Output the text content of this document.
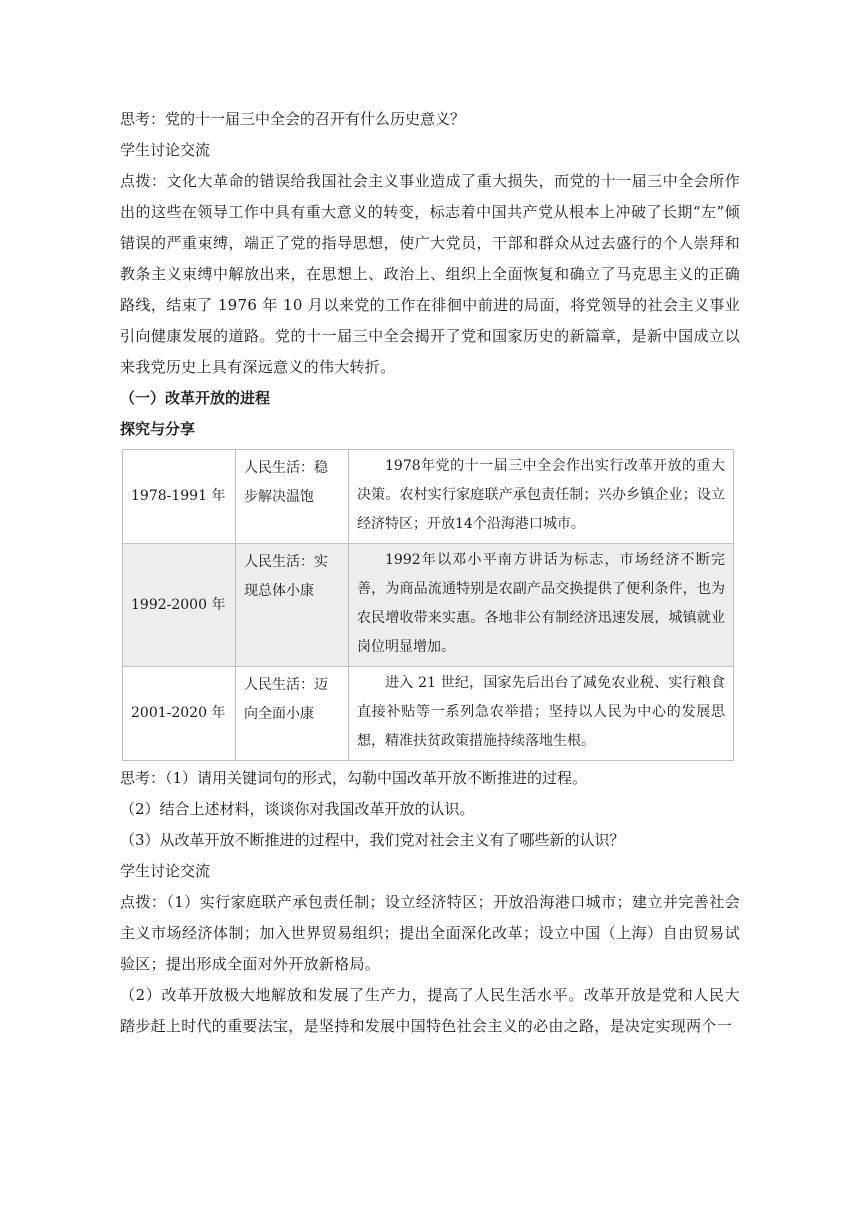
思考：党的十一届三中全会的召开有什么历史意义？

学生讨论交流

点拨：文化大革命的错误给我国社会主义事业造成了重大损失，而党的十一届三中全会所作出的这些在领导工作中具有重大意义的转变，标志着中国共产党从根本上冲破了长期“左”倾错误的严重束缚，端正了党的指导思想，使广大党员，干部和群众从过去盛行的个人崇拜和教条主义束缚中解放出来，在思想上、政治上、组织上全面恢复和确立了马克思主义的正确路线，结束了 1976 年 10 月以来党的工作在徘徊中前进的局面，将党领导的社会主义事业引向健康发展的道路。党的十一届三中全会揭开了党和国家历史的新篇章，是新中国成立以来我党历史上具有深远意义的伟大转折。

（一）改革开放的进程

探究与分享

1978-1991 年	人民生活：稳步解决温饱	1978年党的十一届三中全会作出实行改革开放的重大决策。农村实行家庭联产承包责任制；兴办乡镇企业；设立经济特区；开放14个沿海港口城市。
1992-2000 年	人民生活：实现总体小康	1992年以邓小平南方讲话为标志，市场经济不断完善，为商品流通特别是农副产品交换提供了便利条件，也为农民增收带来实惠。各地非公有制经济迅速发展，城镇就业岗位明显增加。
2001-2020 年	人民生活：迈向全面小康	进入 21 世纪，国家先后出台了减免农业税、实行粮食直接补贴等一系列急农举措；坚持以人民为中心的发展思想，精准扶贫政策措施持续落地生根。

思考：（1）请用关键词句的形式，勾勒中国改革开放不断推进的过程。

（2）结合上述材料，谈谈你对我国改革开放的认识。

（3）从改革开放不断推进的过程中，我们党对社会主义有了哪些新的认识？

学生讨论交流

点拨：（1）实行家庭联产承包责任制；设立经济特区；开放沿海港口城市；建立并完善社会主义市场经济体制；加入世界贸易组织；提出全面深化改革；设立中国（上海）自由贸易试验区；提出形成全面对外开放新格局。

（2）改革开放极大地解放和发展了生产力，提高了人民生活水平。改革开放是党和人民大踏步赶上时代的重要法宝，是坚持和发展中国特色社会主义的必由之路，是决定实现两个一
